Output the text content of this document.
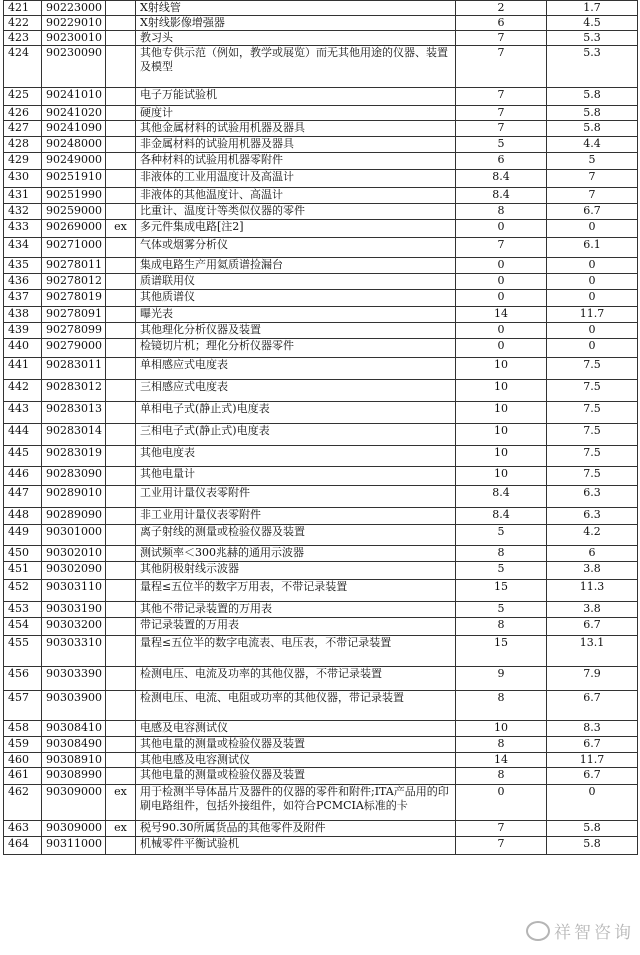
421	90223000		X射线管	2	1.7
422	90229010		X射线影像增强器	6	4.5
423	90230010		教习头	7	5.3
424	90230090		其他专供示范（例如，教学或展览）而无其他用途的仪器、装置及模型	7	5.3
425	90241010		电子万能试验机	7	5.8
426	90241020		硬度计	7	5.8
427	90241090		其他金属材料的试验用机器及器具	7	5.8
428	90248000		非金属材料的试验用机器及器具	5	4.4
429	90249000		各种材料的试验用机器零附件	6	5
430	90251910		非液体的工业用温度计及高温计	8.4	7
431	90251990		非液体的其他温度计、高温计	8.4	7
432	90259000		比重计、温度计等类似仪器的零件	8	6.7
433	90269000	ex	多元件集成电路[注2]	0	0
434	90271000		气体或烟雾分析仪	7	6.1
435	90278011		集成电路生产用氦质谱捡漏台	0	0
436	90278012		质谱联用仪	0	0
437	90278019		其他质谱仪	0	0
438	90278091		曝光表	14	11.7
439	90278099		其他理化分析仪器及装置	0	0
440	90279000		检镜切片机；理化分析仪器零件	0	0
441	90283011		单相感应式电度表	10	7.5
442	90283012		三相感应式电度表	10	7.5
443	90283013		单相电子式(静止式)电度表	10	7.5
444	90283014		三相电子式(静止式)电度表	10	7.5
445	90283019		其他电度表	10	7.5
446	90283090		其他电量计	10	7.5
447	90289010		工业用计量仪表零附件	8.4	6.3
448	90289090		非工业用计量仪表零附件	8.4	6.3
449	90301000		离子射线的测量或检验仪器及装置	5	4.2
450	90302010		测试频率＜300兆赫的通用示波器	8	6
451	90302090		其他阴极射线示波器	5	3.8
452	90303110		量程≤五位半的数字万用表，不带记录装置	15	11.3
453	90303190		其他不带记录装置的万用表	5	3.8
454	90303200		带记录装置的万用表	8	6.7
455	90303310		量程≤五位半的数字电流表、电压表，不带记录装置	15	13.1
456	90303390		检测电压、电流及功率的其他仪器，不带记录装置	9	7.9
457	90303900		检测电压、电流、电阻或功率的其他仪器，带记录装置	8	6.7
458	90308410		电感及电容测试仪	10	8.3
459	90308490		其他电量的测量或检验仪器及装置	8	6.7
460	90308910		其他电感及电容测试仪	14	11.7
461	90308990		其他电量的测量或检验仪器及装置	8	6.7
462	90309000	ex	用于检测半导体晶片及器件的仪器的零件和附件;ITA产品用的印刷电路组件，包括外接组件，如符合PCMCIA标准的卡	0	0
463	90309000	ex	税号90.30所属货品的其他零件及附件	7	5.8
464	90311000		机械零件平衡试验机	7	5.8
祥智咨询
